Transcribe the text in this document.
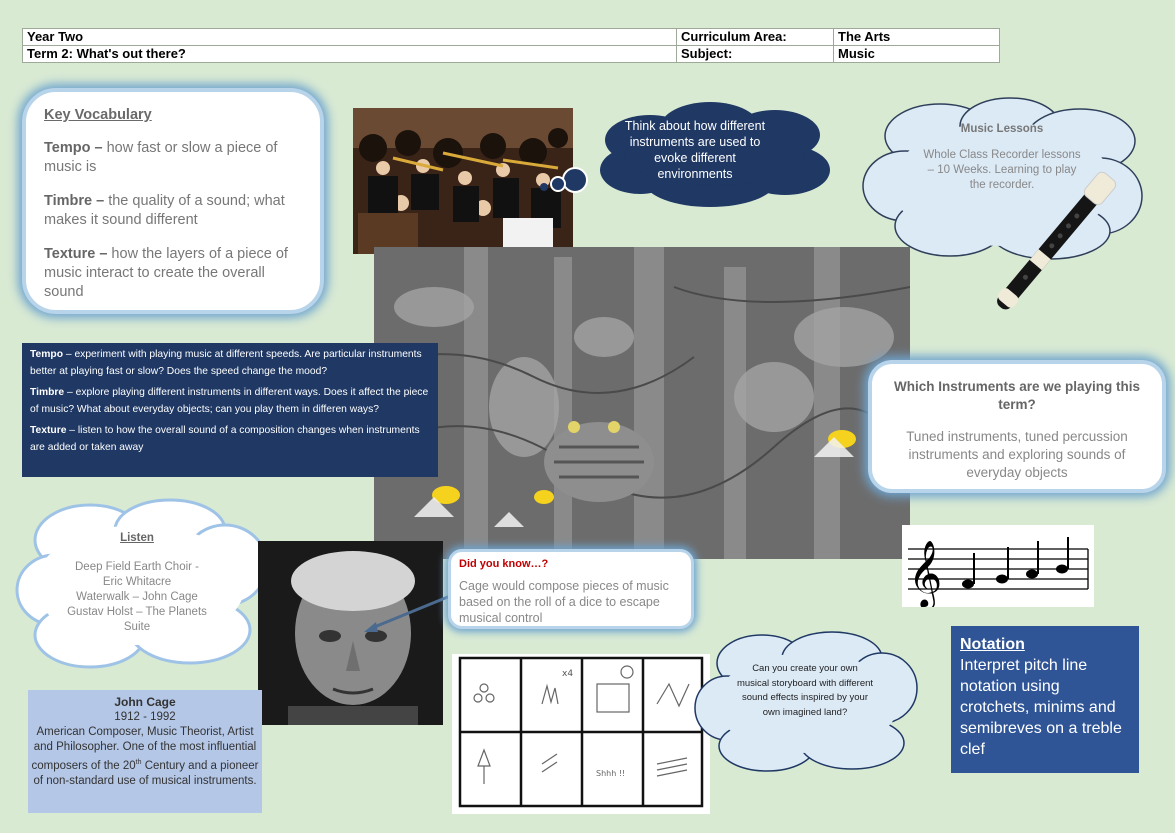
Year Two	Curriculum Area:	The Arts
Term 2: What's out there?	Subject:	Music
Key Vocabulary

Tempo – how fast or slow a piece of music is

Timbre – the quality of a sound; what makes it sound different

Texture – how the layers of a piece of music interact to create the overall sound

Think about how different instruments are used to evoke different environments
Music Lessons
Whole Class Recorder lessons – 10 Weeks. Learning to play the recorder.

Tempo – experiment with playing music at different speeds. Are particular instruments better at playing fast or slow? Does the speed change the mood?

Timbre – explore playing different instruments in different ways. Does it affect the piece of music? What about everyday objects; can you play them in differen ways?

Texture – listen to how the overall sound of a composition changes when instruments are added or taken away

Which Instruments are we playing this term?
Tuned instruments, tuned percussion instruments and exploring sounds of everyday objects
𝄞
Listen
Deep Field Earth Choir -
Eric Whitacre
Waterwalk – John Cage
Gustav Holst – The Planets
Suite
Did you know…?
Cage would compose pieces of music based on the roll of a dice to escape musical control
John Cage
1912 - 1992
American Composer, Music Theorist, Artist and Philosopher. One of the most influential composers of the 20th Century and a pioneer of non-standard use of musical instruments.
x4
Shhh !!
Can you create your own musical storyboard with different sound effects inspired by your own imagined land?
Notation
Interpret pitch line notation using crotchets, minims and semibreves on a treble clef
